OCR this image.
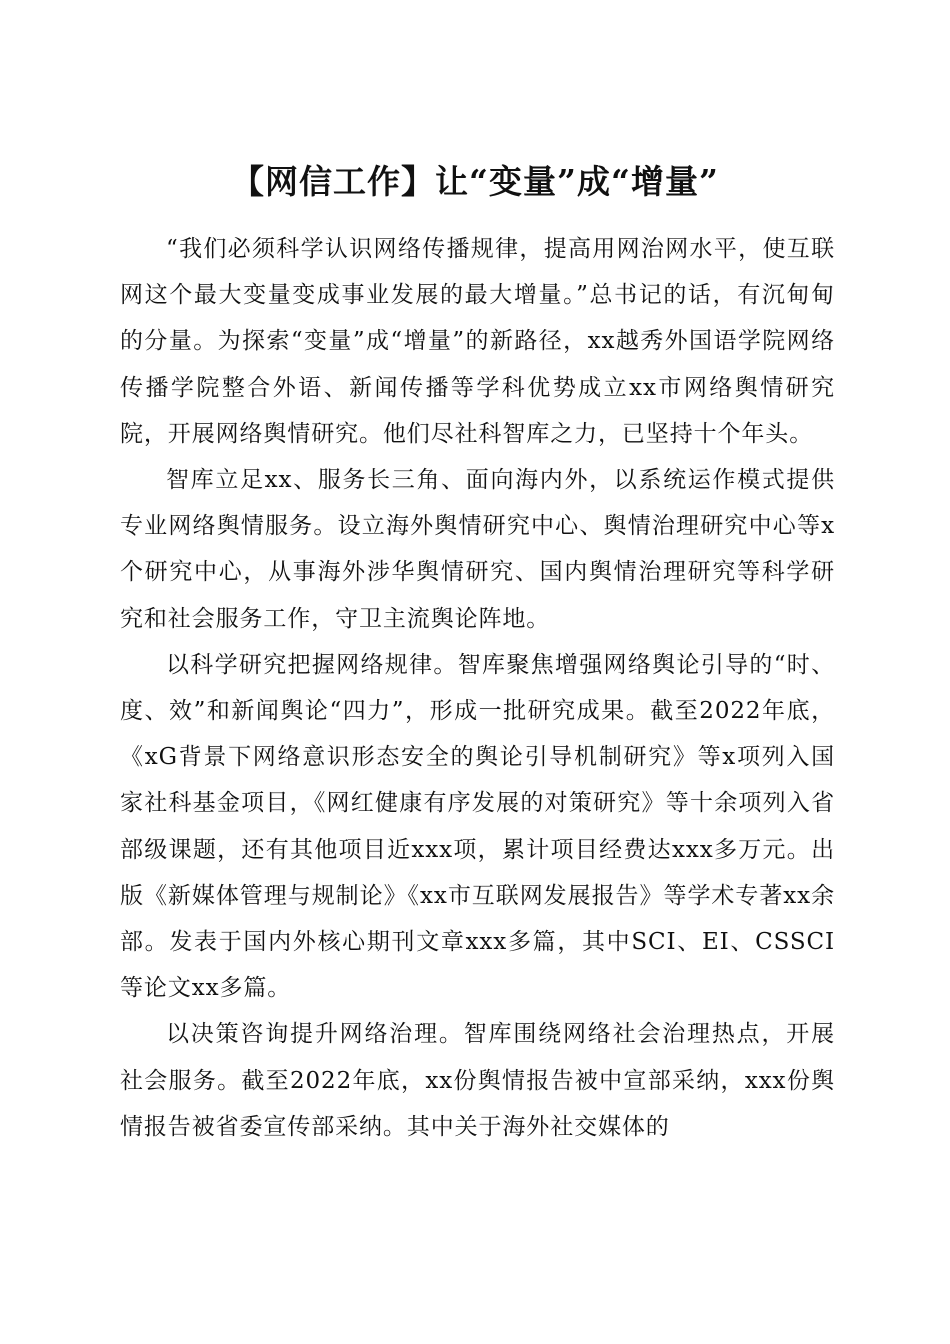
【网信工作】让“变量”成“增量”

“我们必须科学认识网络传播规律，提高用网治网水平，使互联网这个最大变量变成事业发展的最大增量。”总书记的话，有沉甸甸的分量。为探索“变量”成“增量”的新路径，xx越秀外国语学院网络传播学院整合外语、新闻传播等学科优势成立xx市网络舆情研究院，开展网络舆情研究。他们尽社科智库之力，已坚持十个年头。

智库立足xx、服务长三角、面向海内外，以系统运作模式提供专业网络舆情服务。设立海外舆情研究中心、舆情治理研究中心等x个研究中心，从事海外涉华舆情研究、国内舆情治理研究等科学研究和社会服务工作，守卫主流舆论阵地。

以科学研究把握网络规律。智库聚焦增强网络舆论引导的“时、度、效”和新闻舆论“四力”，形成一批研究成果。截至2022年底，《xG背景下网络意识形态安全的舆论引导机制研究》等x项列入国家社科基金项目，《网红健康有序发展的对策研究》等十余项列入省部级课题，还有其他项目近xxx项，累计项目经费达xxx多万元。出版《新媒体管理与规制论》《xx市互联网发展报告》等学术专著xx余部。发表于国内外核心期刊文章xxx多篇，其中SCI、EI、CSSCI等论文xx多篇。

以决策咨询提升网络治理。智库围绕网络社会治理热点，开展社会服务。截至2022年底，xx份舆情报告被中宣部采纳，xxx份舆情报告被省委宣传部采纳。其中关于海外社交媒体的
